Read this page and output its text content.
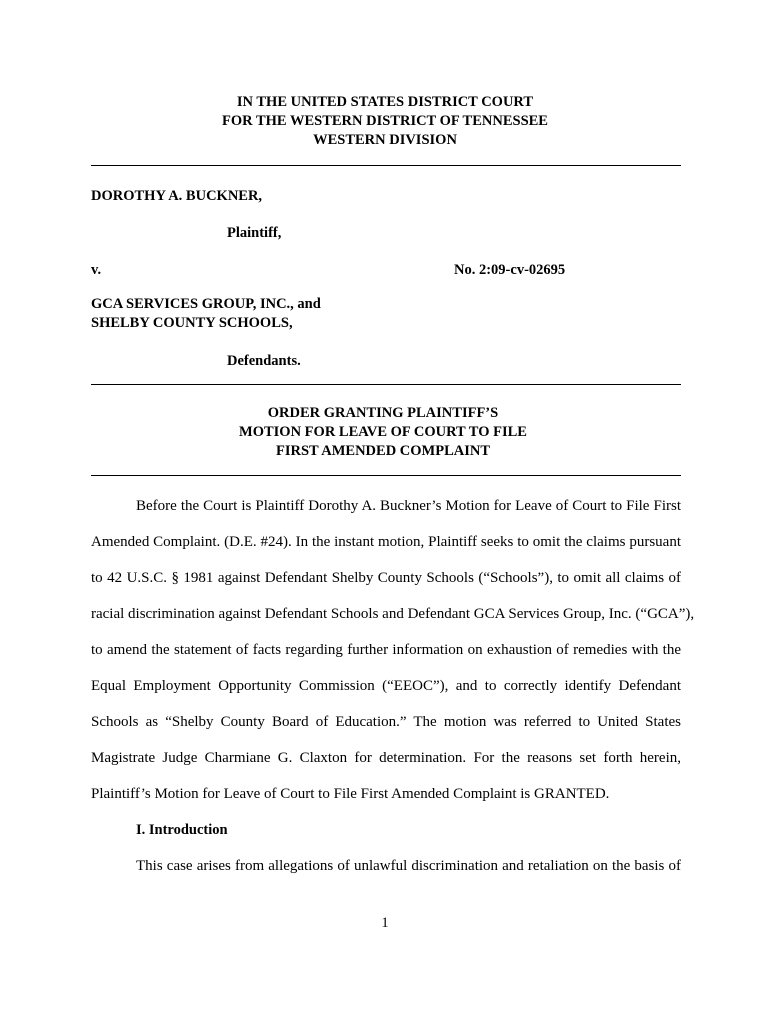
IN THE UNITED STATES DISTRICT COURT
FOR THE WESTERN DISTRICT OF TENNESSEE
WESTERN DIVISION
DOROTHY A. BUCKNER,
Plaintiff,
v.	No. 2:09-cv-02695
GCA SERVICES GROUP, INC., and
SHELBY COUNTY SCHOOLS,
Defendants.
ORDER GRANTING PLAINTIFF’S
MOTION FOR LEAVE OF COURT TO FILE
FIRST AMENDED COMPLAINT
Before the Court is Plaintiff Dorothy A. Buckner’s Motion for Leave of Court to File First
Amended Complaint. (D.E. #24). In the instant motion, Plaintiff seeks to omit the claims pursuant
to 42 U.S.C. § 1981 against Defendant Shelby County Schools (“Schools”), to omit all claims of
racial discrimination against Defendant Schools and Defendant GCA Services Group, Inc. (“GCA”),
to amend the statement of facts regarding further information on exhaustion of remedies with the
Equal Employment Opportunity Commission (“EEOC”), and to correctly identify Defendant
Schools as “Shelby County Board of Education.” The motion was referred to United States
Magistrate Judge Charmiane G. Claxton for determination. For the reasons set forth herein,
Plaintiff’s Motion for Leave of Court to File First Amended Complaint is GRANTED.
I. Introduction
This case arises from allegations of unlawful discrimination and retaliation on the basis of
1
